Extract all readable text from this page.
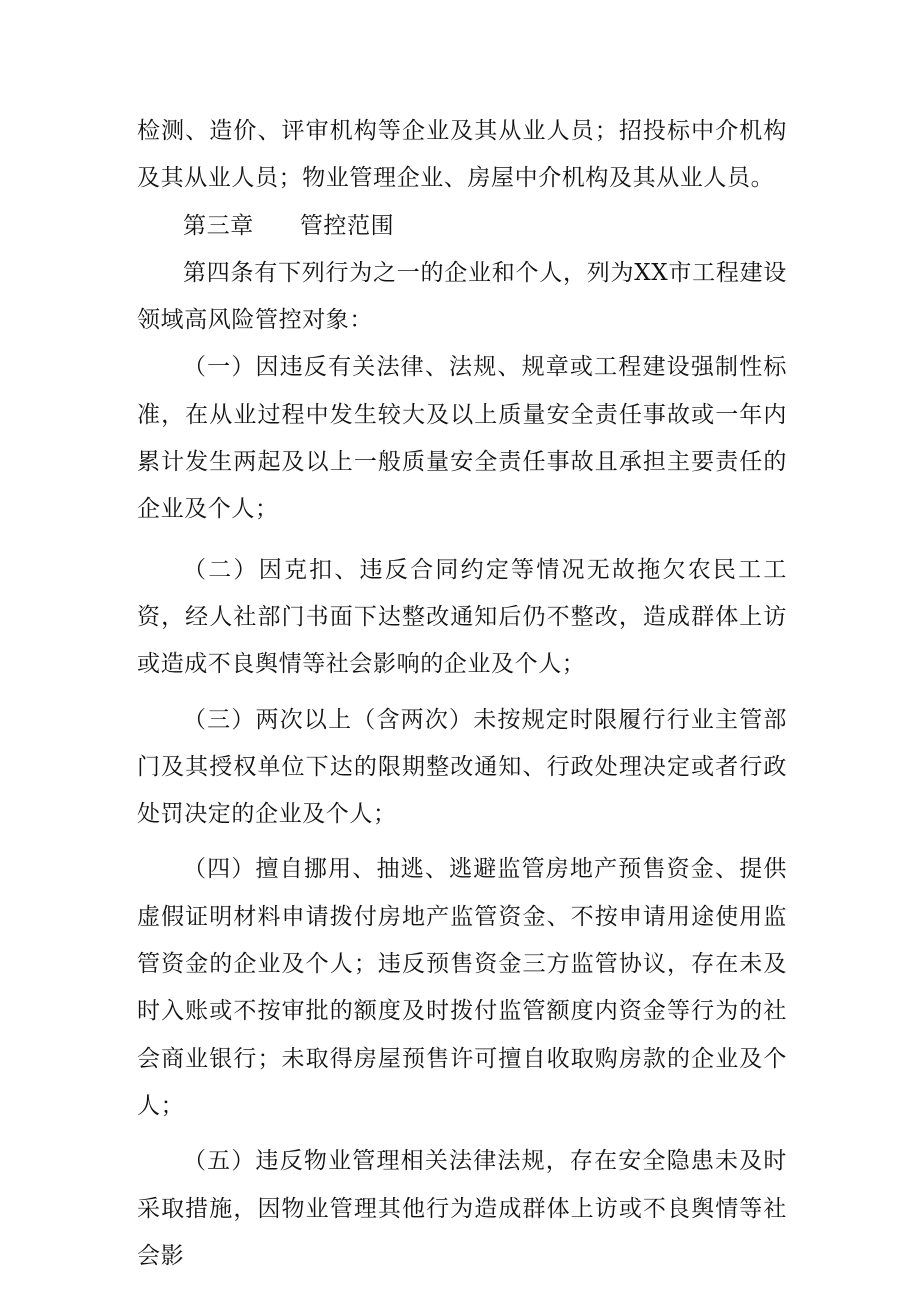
检测、造价、评审机构等企业及其从业人员；招投标中介机构及其从业人员；物业管理企业、房屋中介机构及其从业人员。

第三章 管控范围

第四条有下列行为之一的企业和个人，列为XX市工程建设领域高风险管控对象：

（一）因违反有关法律、法规、规章或工程建设强制性标准，在从业过程中发生较大及以上质量安全责任事故或一年内累计发生两起及以上一般质量安全责任事故且承担主要责任的企业及个人；

（二）因克扣、违反合同约定等情况无故拖欠农民工工资，经人社部门书面下达整改通知后仍不整改，造成群体上访或造成不良舆情等社会影响的企业及个人；

（三）两次以上（含两次）未按规定时限履行行业主管部门及其授权单位下达的限期整改通知、行政处理决定或者行政处罚决定的企业及个人；

（四）擅自挪用、抽逃、逃避监管房地产预售资金、提供虚假证明材料申请拨付房地产监管资金、不按申请用途使用监管资金的企业及个人；违反预售资金三方监管协议，存在未及时入账或不按审批的额度及时拨付监管额度内资金等行为的社会商业银行；未取得房屋预售许可擅自收取购房款的企业及个人；

（五）违反物业管理相关法律法规，存在安全隐患未及时采取措施，因物业管理其他行为造成群体上访或不良舆情等社会影
